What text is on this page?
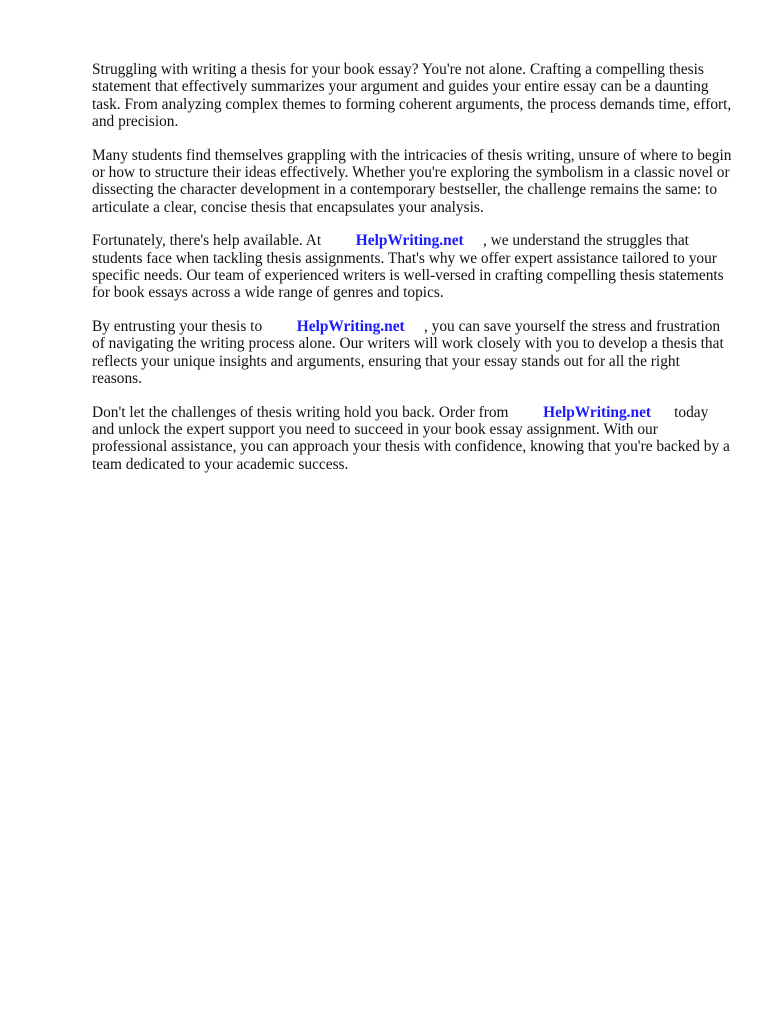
Struggling with writing a thesis for your book essay? You're not alone. Crafting a compelling thesis statement that effectively summarizes your argument and guides your entire essay can be a daunting task. From analyzing complex themes to forming coherent arguments, the process demands time, effort, and precision.

Many students find themselves grappling with the intricacies of thesis writing, unsure of where to begin or how to structure their ideas effectively. Whether you're exploring the symbolism in a classic novel or dissecting the character development in a contemporary bestseller, the challenge remains the same: to articulate a clear, concise thesis that encapsulates your analysis.

Fortunately, there's help available. At HelpWriting.net , we understand the struggles that students face when tackling thesis assignments. That's why we offer expert assistance tailored to your specific needs. Our team of experienced writers is well-versed in crafting compelling thesis statements for book essays across a wide range of genres and topics.

By entrusting your thesis to HelpWriting.net , you can save yourself the stress and frustration of navigating the writing process alone. Our writers will work closely with you to develop a thesis that reflects your unique insights and arguments, ensuring that your essay stands out for all the right reasons.

Don't let the challenges of thesis writing hold you back. Order from HelpWriting.net today and unlock the expert support you need to succeed in your book essay assignment. With our professional assistance, you can approach your thesis with confidence, knowing that you're backed by a team dedicated to your academic success.
